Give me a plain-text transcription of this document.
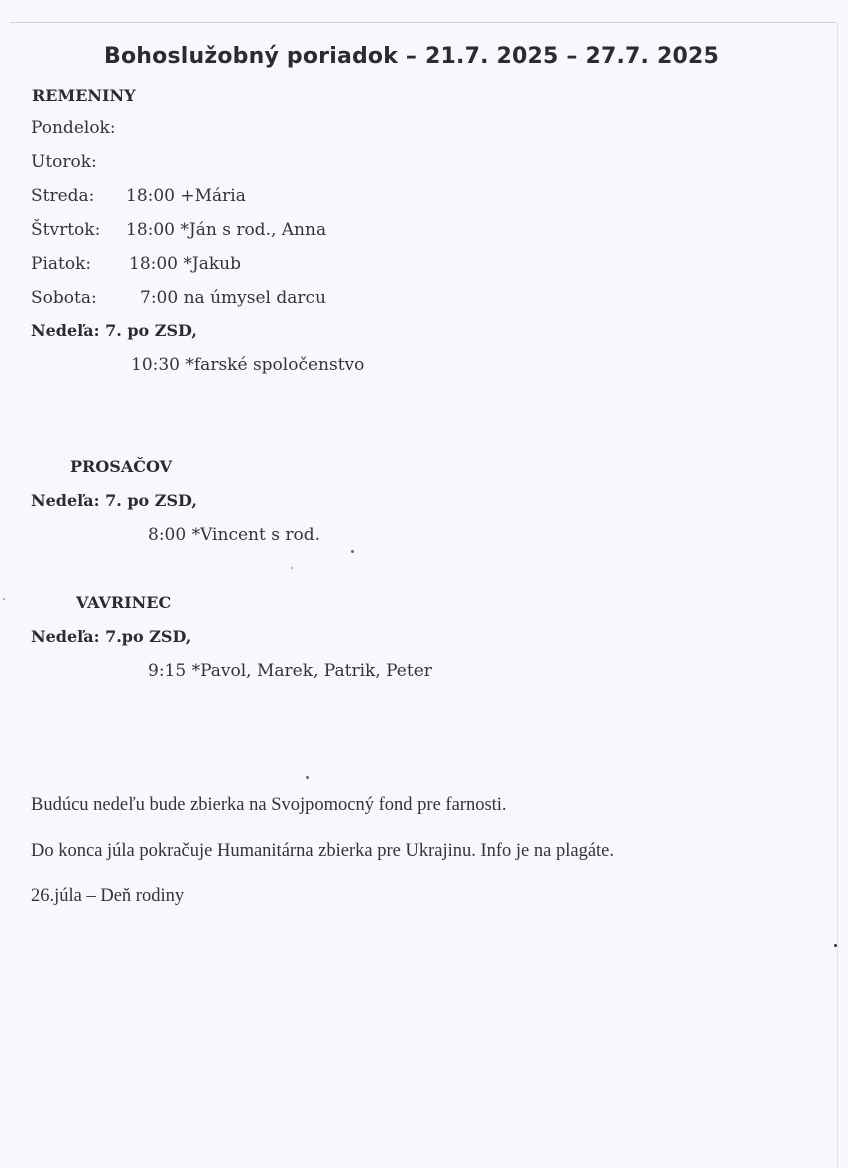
Bohoslužobný poriadok – 21.7. 2025 – 27.7. 2025
REMENINY
Pondelok:
Utorok:
Streda: 18:00 +Mária
Štvrtok: 18:00 *Ján s rod., Anna
Piatok: 18:00 *Jakub
Sobota:	7:00 na úmysel darcu
Nedeľa: 7. po ZSD,
10:30 *farské spoločenstvo
PROSAČOV
Nedeľa: 7. po ZSD,
8:00 *Vincent s rod.
VAVRINEC
Nedeľa: 7.po ZSD,
9:15 *Pavol, Marek, Patrik, Peter
Budúcu nedeľu bude zbierka na Svojpomocný fond pre farnosti.
Do konca júla pokračuje Humanitárna zbierka pre Ukrajinu. Info je na plagáte.
26.júla – Deň rodiny
